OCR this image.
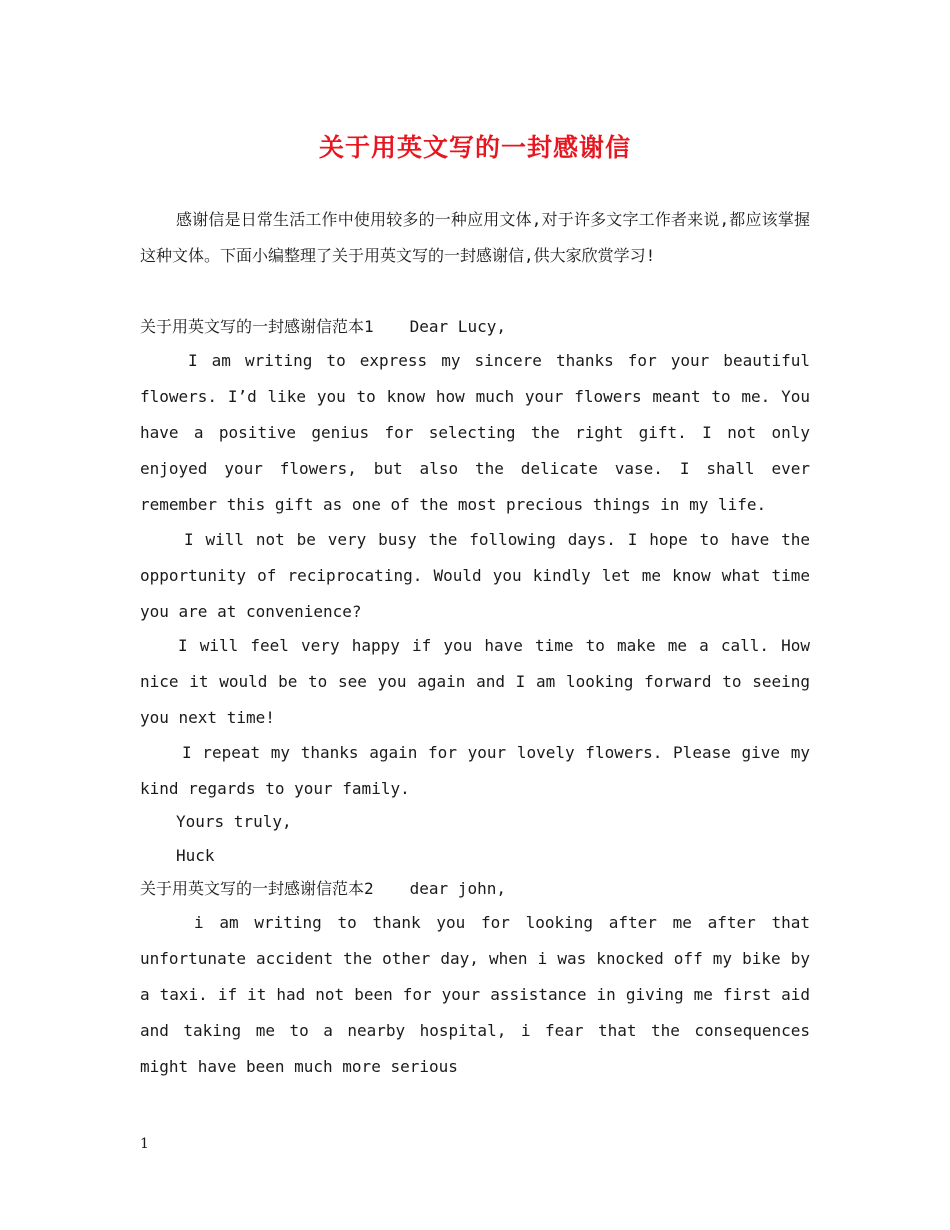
关于用英文写的一封感谢信

感谢信是日常生活工作中使用较多的一种应用文体,对于许多文字工作者来说,都应该掌握这种文体。下面小编整理了关于用英文写的一封感谢信,供大家欣赏学习!

关于用英文写的一封感谢信范本1 Dear Lucy,

I am writing to express my sincere thanks for your beautiful flowers. I’d like you to know how much your flowers meant to me. You have a positive genius for selecting the right gift. I not only enjoyed your flowers, but also the delicate vase. I shall ever remember this gift as one of the most precious things in my life.

I will not be very busy the following days. I hope to have the opportunity of reciprocating. Would you kindly let me know what time you are at convenience?

I will feel very happy if you have time to make me a call. How nice it would be to see you again and I am looking forward to seeing you next time!

I repeat my thanks again for your lovely flowers. Please give my kind regards to your family.

Yours truly,
Huck
关于用英文写的一封感谢信范本2 dear john,

i am writing to thank you for looking after me after that unfortunate accident the other day, when i was knocked off my bike by a taxi. if it had not been for your assistance in giving me first aid and taking me to a nearby hospital, i fear that the consequences might have been much more serious

1
